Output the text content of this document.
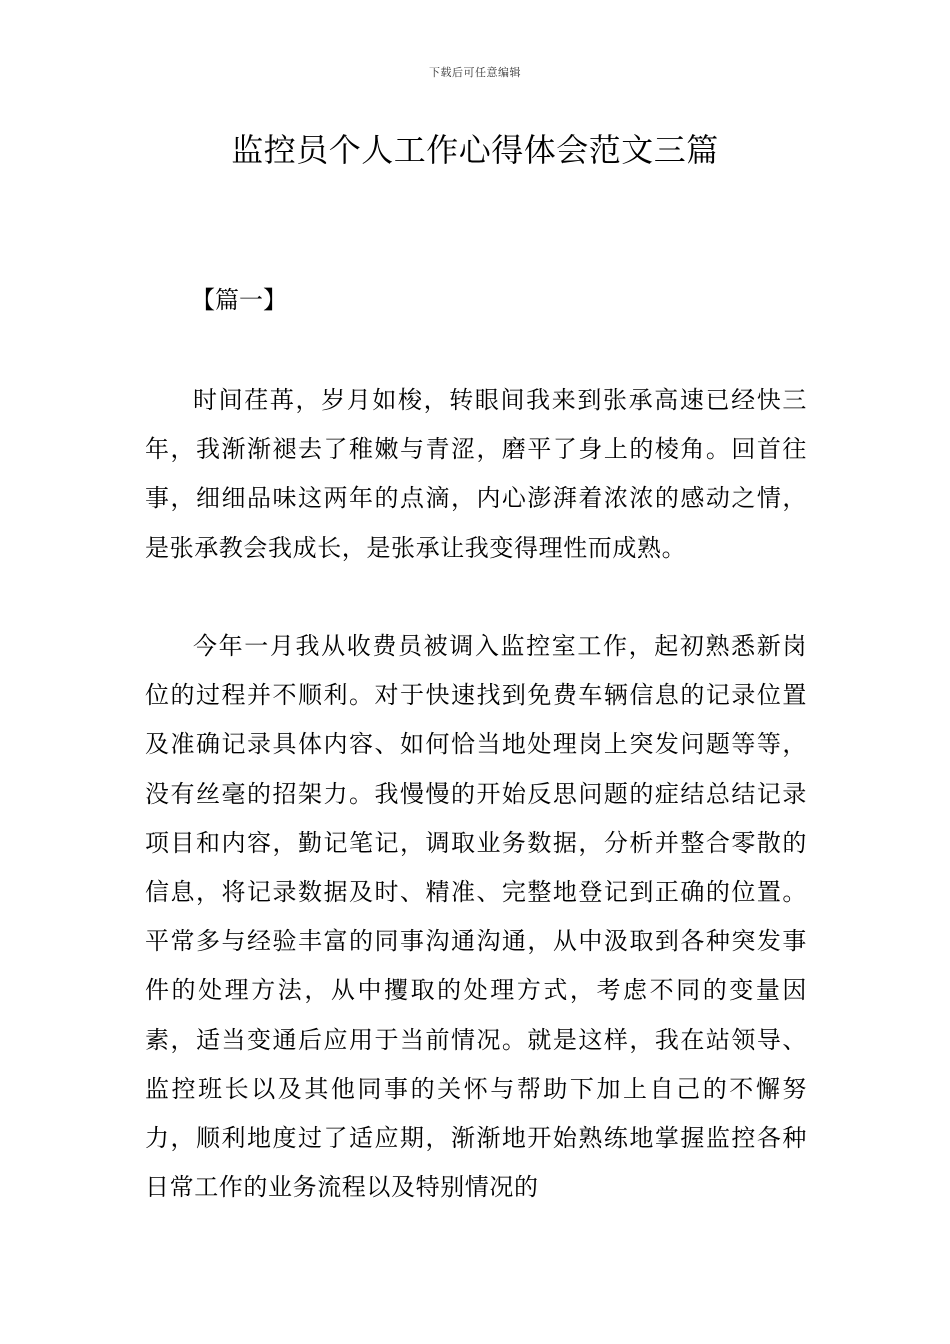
下载后可任意编辑
监控员个人工作心得体会范文三篇

【篇一】

时间荏苒，岁月如梭，转眼间我来到张承高速已经快三年，我渐渐褪去了稚嫩与青涩，磨平了身上的棱角。回首往事，细细品味这两年的点滴，内心澎湃着浓浓的感动之情，是张承教会我成长，是张承让我变得理性而成熟。

今年一月我从收费员被调入监控室工作，起初熟悉新岗位的过程并不顺利。对于快速找到免费车辆信息的记录位置及准确记录具体内容、如何恰当地处理岗上突发问题等等，没有丝毫的招架力。我慢慢的开始反思问题的症结总结记录项目和内容，勤记笔记，调取业务数据，分析并整合零散的信息，将记录数据及时、精准、完整地登记到正确的位置。平常多与经验丰富的同事沟通沟通，从中汲取到各种突发事件的处理方法，从中攫取的处理方式，考虑不同的变量因素，适当变通后应用于当前情况。就是这样，我在站领导、监控班长以及其他同事的关怀与帮助下加上自己的不懈努力，顺利地度过了适应期，渐渐地开始熟练地掌握监控各种日常工作的业务流程以及特别情况的
